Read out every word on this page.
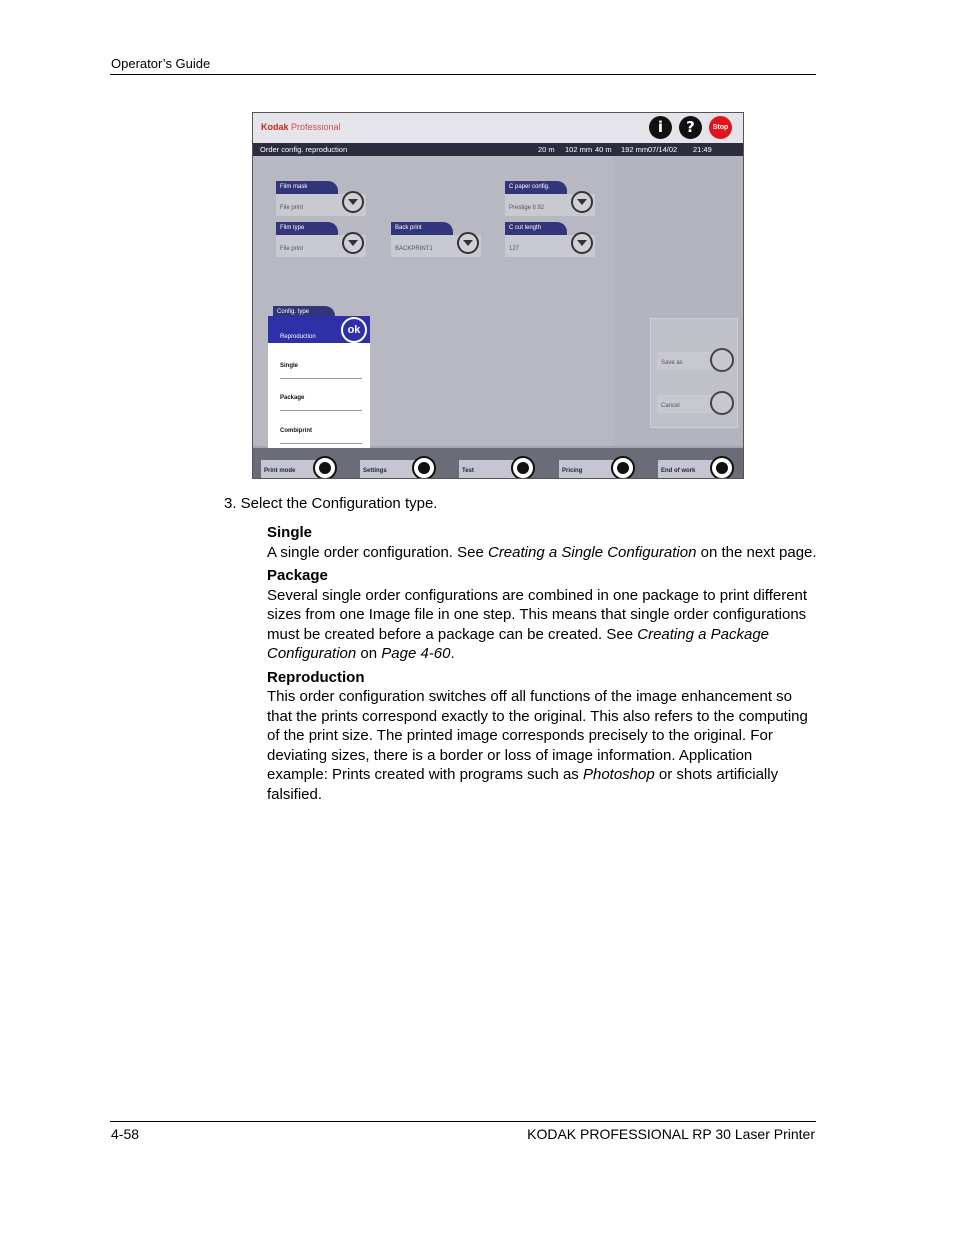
Operator’s Guide
Kodak Professional	i	?	Stop
Order config. reproduction	20 m 102 mm 40 m 192 mm 07/14/02 21:49
Film mask
File print
Film type
File print
Back print
BACKPRINT1
C paper config.
Prestige tl 92
C cut length
127
Config. type
Reproduction
ok
Single
Package
Combiprint
Save as
Cancel
Print mode	Settings	Test	Pricing	End of work
3. Select the Configuration type.
Single

A single order configuration. See Creating a Single Configuration on the next page.

Package

Several single order configurations are combined in one package to print different sizes from one Image file in one step. This means that single order configurations must be created before a package can be created. See Creating a Package Configuration on Page 4-60.

Reproduction

This order configuration switches off all functions of the image enhancement so that the prints correspond exactly to the original. This also refers to the computing of the print size. The printed image corresponds precisely to the original. For deviating sizes, there is a border or loss of image information. Application example: Prints created with programs such as Photoshop or shots artificially falsified.

4-58	KODAK PROFESSIONAL RP 30 Laser Printer
